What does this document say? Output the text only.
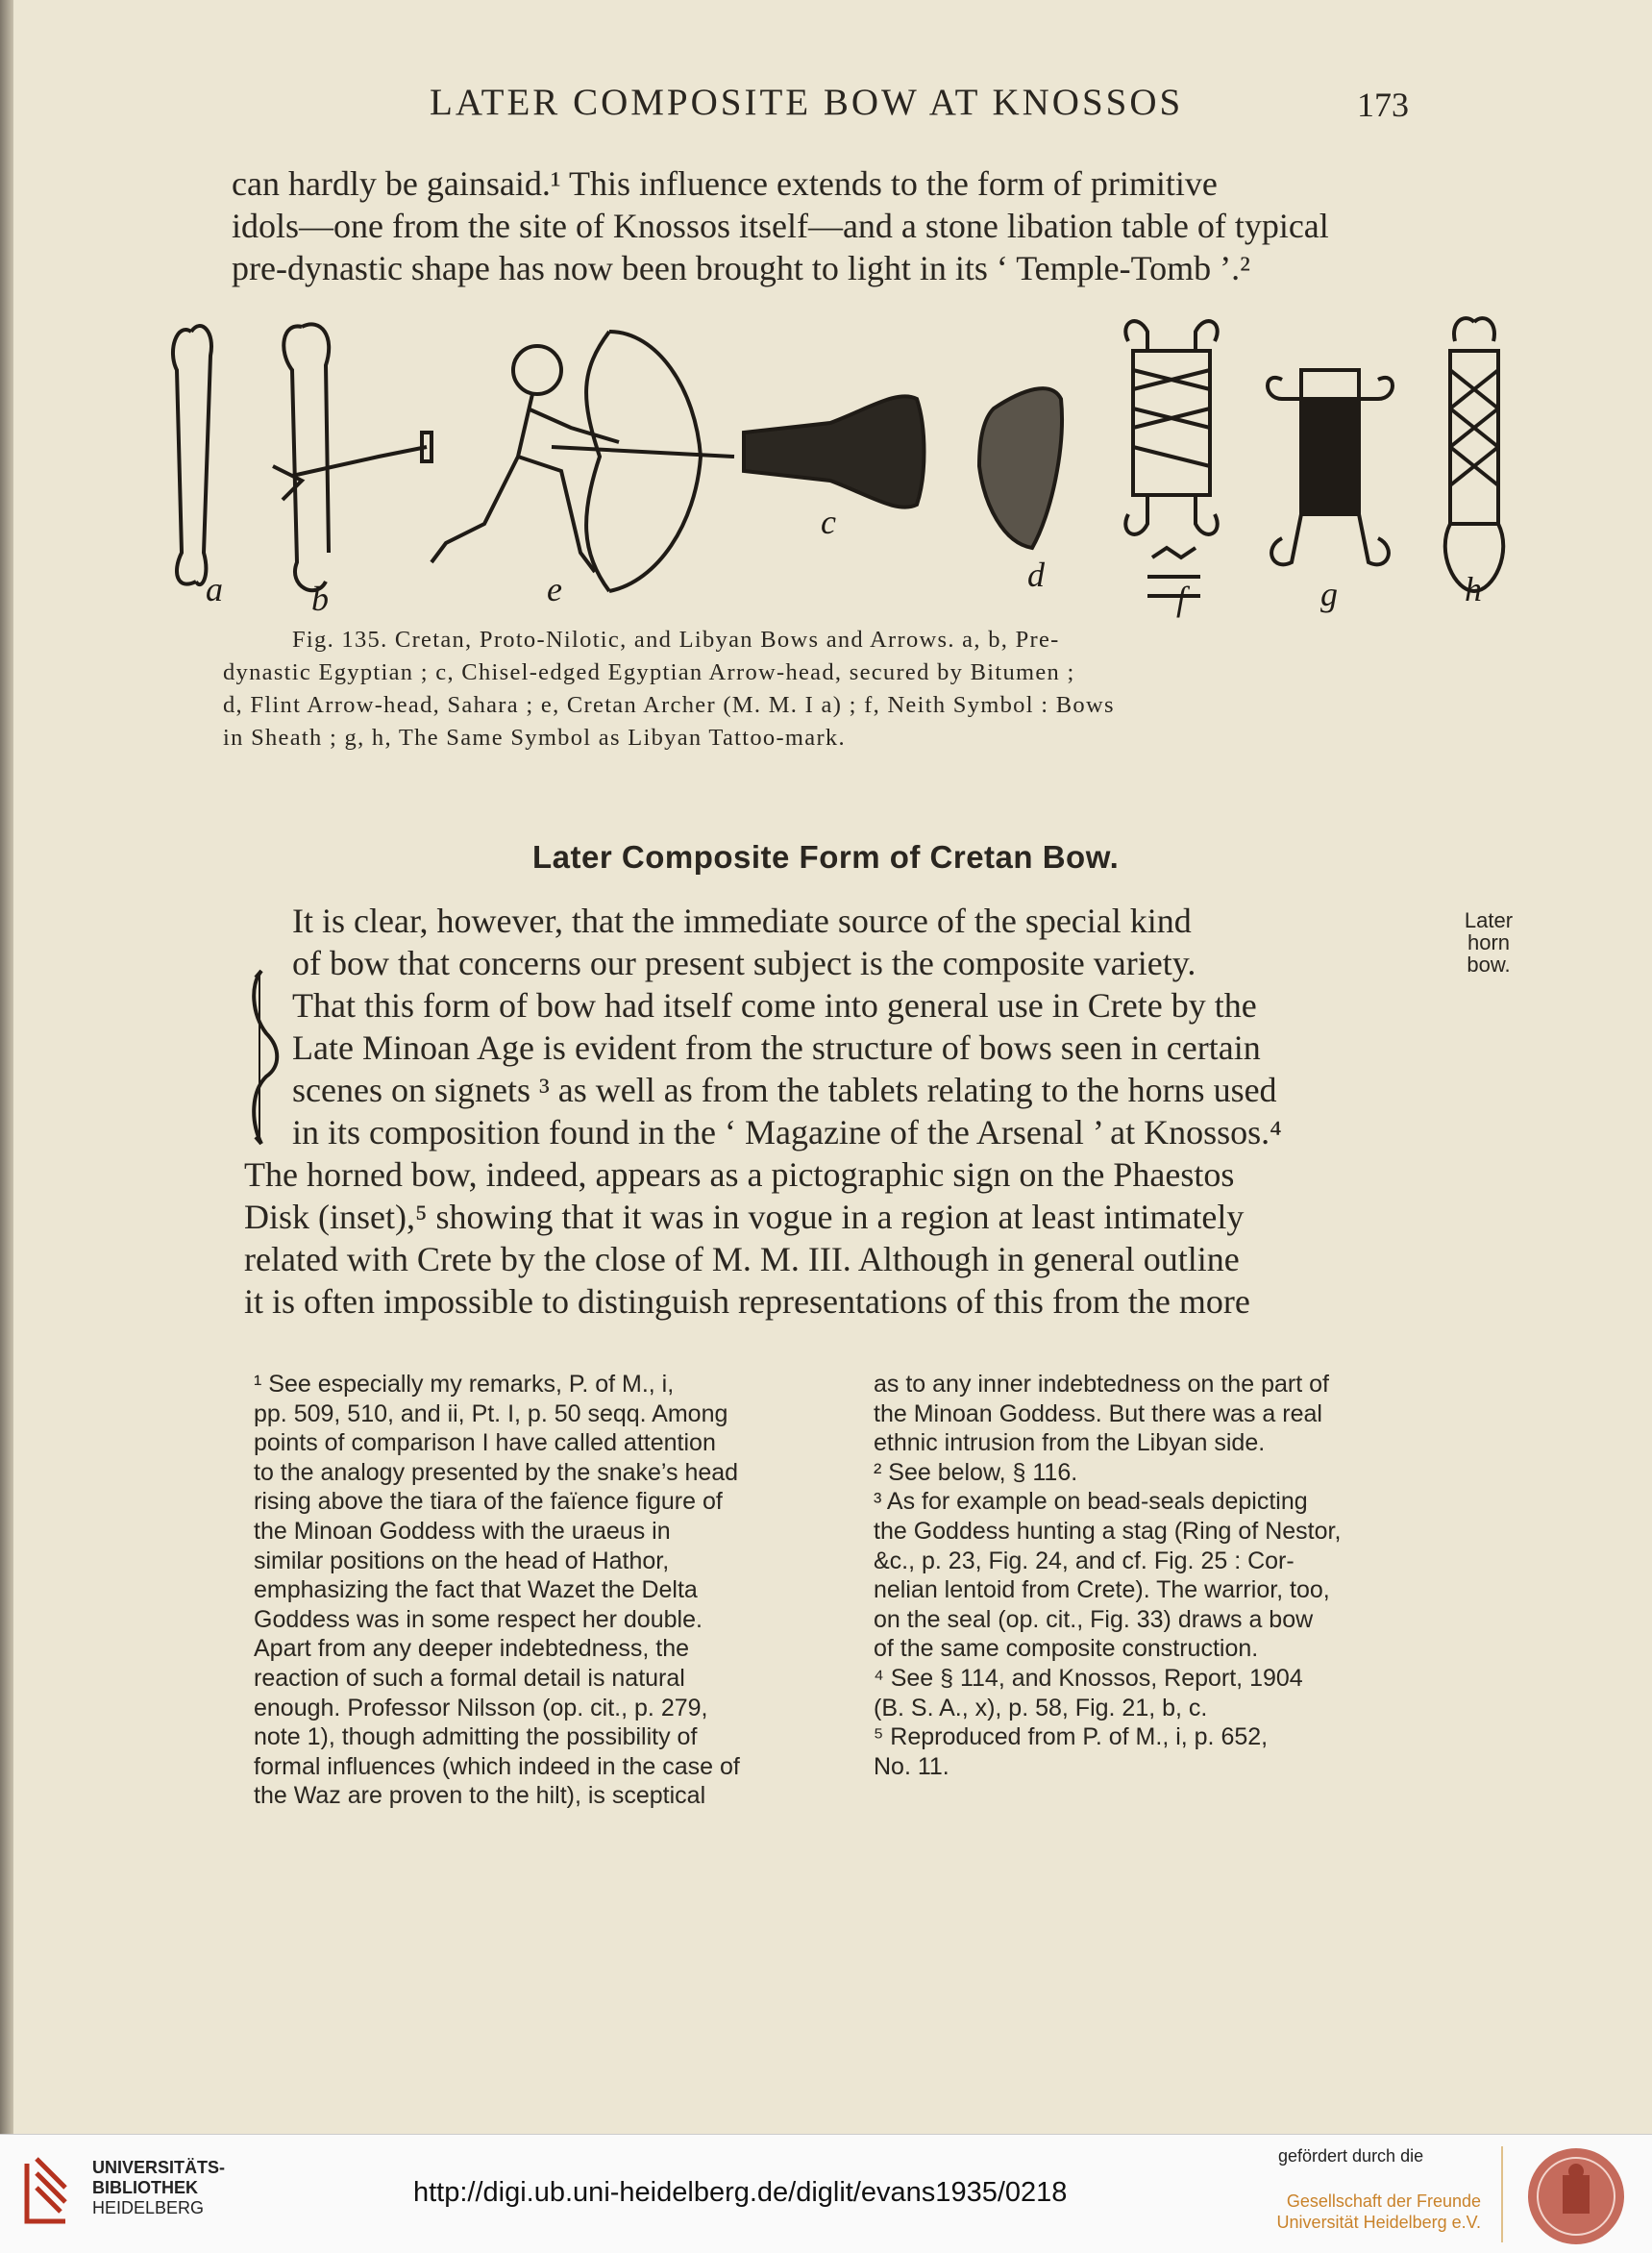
LATER COMPOSITE BOW AT KNOSSOS	173
can hardly be gainsaid.¹ This influence extends to the form of primitive
idols—one from the site of Knossos itself—and a stone libation table of typical
pre-dynastic shape has now been brought to light in its ‘ Temple-Tomb ’.²
a	b	e
c
d
f	g	h
Fig. 135. Cretan, Proto-Nilotic, and Libyan Bows and Arrows. a, b, Pre-
dynastic Egyptian ; c, Chisel-edged Egyptian Arrow-head, secured by Bitumen ;
d, Flint Arrow-head, Sahara ; e, Cretan Archer (M. M. I a) ; f, Neith Symbol : Bows
in Sheath ; g, h, The Same Symbol as Libyan Tattoo-mark.
Later Composite Form of Cretan Bow.
Later
horn
bow.
It is clear, however, that the immediate source of the special kind
of bow that concerns our present subject is the composite variety.
That this form of bow had itself come into general use in Crete by the
Late Minoan Age is evident from the structure of bows seen in certain
scenes on signets ³ as well as from the tablets relating to the horns used
in its composition found in the ‘ Magazine of the Arsenal ’ at Knossos.⁴
The horned bow, indeed, appears as a pictographic sign on the Phaestos
Disk (inset),⁵ showing that it was in vogue in a region at least intimately
related with Crete by the close of M. M. III. Although in general outline
it is often impossible to distinguish representations of this from the more
¹ See especially my remarks, P. of M., i,
pp. 509, 510, and ii, Pt. I, p. 50 seqq. Among
points of comparison I have called attention
to the analogy presented by the snake’s head
rising above the tiara of the faïence figure of
the Minoan Goddess with the uraeus in
similar positions on the head of Hathor,
emphasizing the fact that Wazet the Delta
Goddess was in some respect her double.
Apart from any deeper indebtedness, the
reaction of such a formal detail is natural
enough. Professor Nilsson (op. cit., p. 279,
note 1), though admitting the possibility of
formal influences (which indeed in the case of
the Waz are proven to the hilt), is sceptical
as to any inner indebtedness on the part of
the Minoan Goddess. But there was a real
ethnic intrusion from the Libyan side.
² See below, § 116.
³ As for example on bead-seals depicting
the Goddess hunting a stag (Ring of Nestor,
&c., p. 23, Fig. 24, and cf. Fig. 25 : Cor-
nelian lentoid from Crete). The warrior, too,
on the seal (op. cit., Fig. 33) draws a bow
of the same composite construction.
⁴ See § 114, and Knossos, Report, 1904
(B. S. A., x), p. 58, Fig. 21, b, c.
⁵ Reproduced from P. of M., i, p. 652,
No. 11.
UNIVERSITÄTS-
BIBLIOTHEK
HEIDELBERG	http://digi.ub.uni-heidelberg.de/diglit/evans1935/0218
gefördert durch die
Gesellschaft der Freunde
Universität Heidelberg e.V.
